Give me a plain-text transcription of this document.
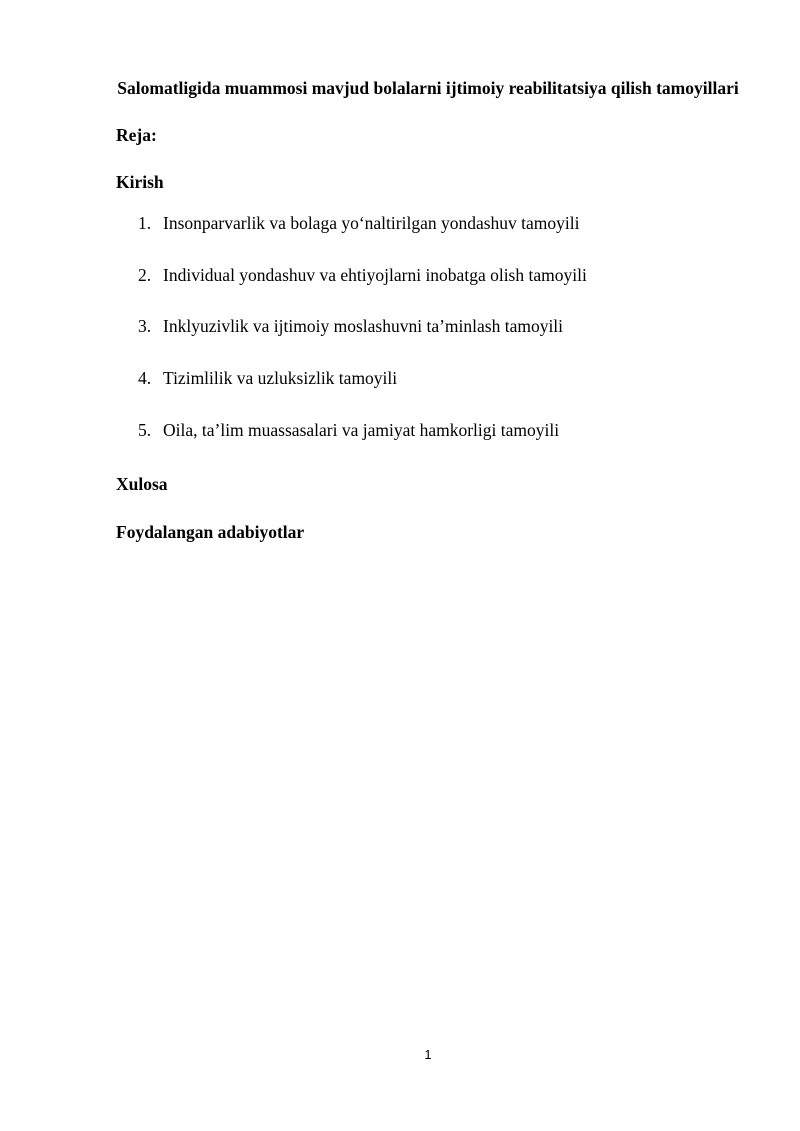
Salomatligida muammosi mavjud bolalarni ijtimoiy reabilitatsiya qilish tamoyillari
Reja:
Kirish
1. Insonparvarlik va bolaga yo‘naltirilgan yondashuv tamoyili
2. Individual yondashuv va ehtiyojlarni inobatga olish tamoyili
3. Inklyuzivlik va ijtimoiy moslashuvni ta’minlash tamoyili
4. Tizimlilik va uzluksizlik tamoyili
5. Oila, ta’lim muassasalari va jamiyat hamkorligi tamoyili
Xulosa
Foydalangan adabiyotlar
1
